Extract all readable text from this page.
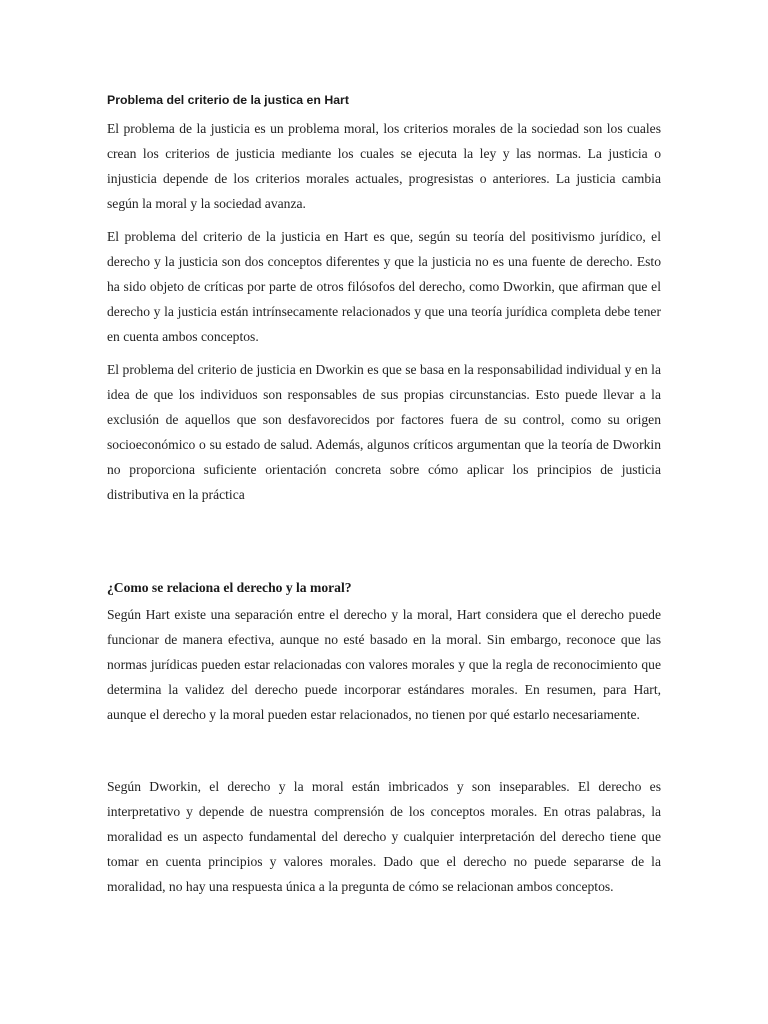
Problema del criterio de la justica en Hart

El problema de la justicia es un problema moral, los criterios morales de la sociedad son los cuales crean los criterios de justicia mediante los cuales se ejecuta la ley y las normas. La justicia o injusticia depende de los criterios morales actuales, progresistas o anteriores. La justicia cambia según la moral y la sociedad avanza.

El problema del criterio de la justicia en Hart es que, según su teoría del positivismo jurídico, el derecho y la justicia son dos conceptos diferentes y que la justicia no es una fuente de derecho. Esto ha sido objeto de críticas por parte de otros filósofos del derecho, como Dworkin, que afirman que el derecho y la justicia están intrínsecamente relacionados y que una teoría jurídica completa debe tener en cuenta ambos conceptos.

El problema del criterio de justicia en Dworkin es que se basa en la responsabilidad individual y en la idea de que los individuos son responsables de sus propias circunstancias. Esto puede llevar a la exclusión de aquellos que son desfavorecidos por factores fuera de su control, como su origen socioeconómico o su estado de salud. Además, algunos críticos argumentan que la teoría de Dworkin no proporciona suficiente orientación concreta sobre cómo aplicar los principios de justicia distributiva en la práctica

¿Como se relaciona el derecho y la moral?

Según Hart existe una separación entre el derecho y la moral, Hart considera que el derecho puede funcionar de manera efectiva, aunque no esté basado en la moral. Sin embargo, reconoce que las normas jurídicas pueden estar relacionadas con valores morales y que la regla de reconocimiento que determina la validez del derecho puede incorporar estándares morales. En resumen, para Hart, aunque el derecho y la moral pueden estar relacionados, no tienen por qué estarlo necesariamente.

Según Dworkin, el derecho y la moral están imbricados y son inseparables. El derecho es interpretativo y depende de nuestra comprensión de los conceptos morales. En otras palabras, la moralidad es un aspecto fundamental del derecho y cualquier interpretación del derecho tiene que tomar en cuenta principios y valores morales. Dado que el derecho no puede separarse de la moralidad, no hay una respuesta única a la pregunta de cómo se relacionan ambos conceptos.
